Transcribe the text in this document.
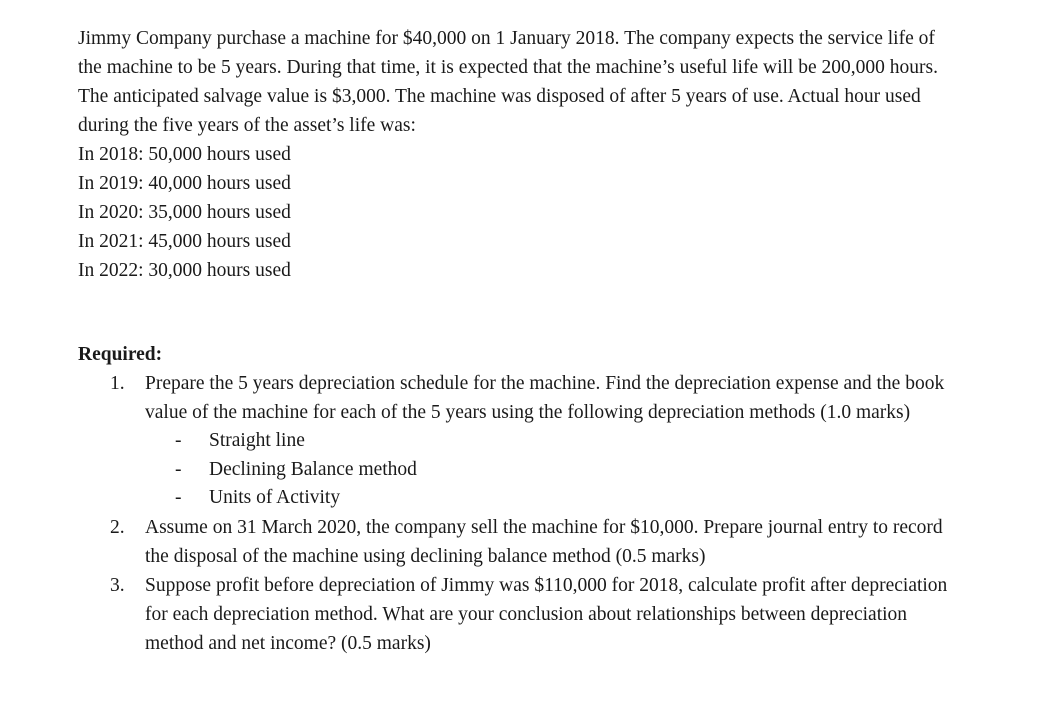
Jimmy Company purchase a machine for $40,000 on 1 January 2018. The company expects the service life of the machine to be 5 years. During that time, it is expected that the machine’s useful life will be 200,000 hours. The anticipated salvage value is $3,000. The machine was disposed of after 5 years of use. Actual hour used during the five years of the asset’s life was:

In 2018: 50,000 hours used
In 2019: 40,000 hours used
In 2020: 35,000 hours used
In 2021: 45,000 hours used
In 2022: 30,000 hours used
Required:
1. Prepare the 5 years depreciation schedule for the machine. Find the depreciation expense and the book value of the machine for each of the 5 years using the following depreciation methods (1.0 marks)
- Straight line
- Declining Balance method
- Units of Activity
2. Assume on 31 March 2020, the company sell the machine for $10,000. Prepare journal entry to record the disposal of the machine using declining balance method (0.5 marks)
3. Suppose profit before depreciation of Jimmy was $110,000 for 2018, calculate profit after depreciation for each depreciation method. What are your conclusion about relationships between depreciation method and net income? (0.5 marks)
